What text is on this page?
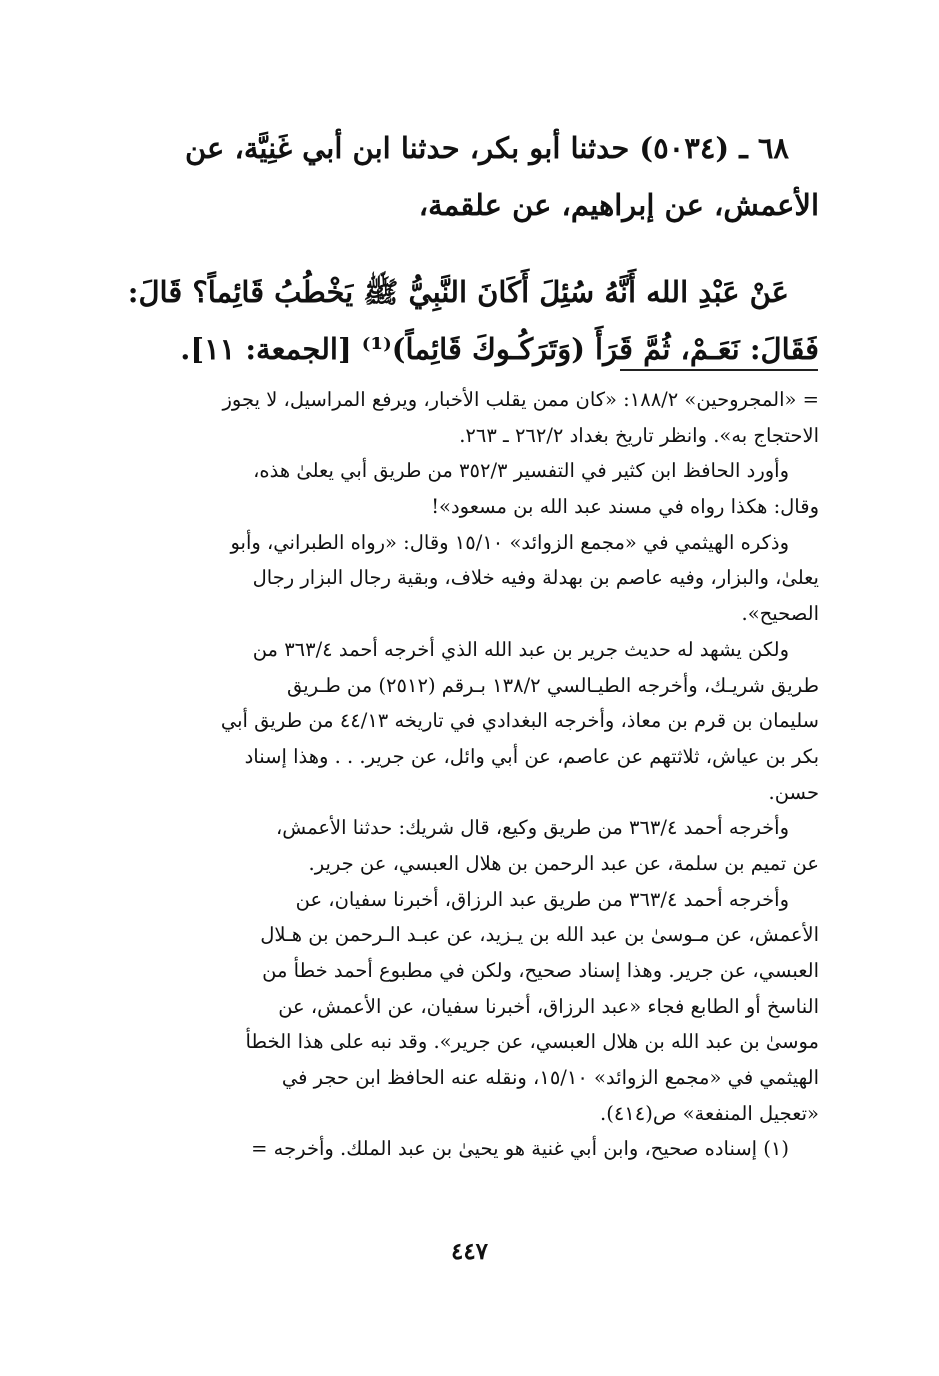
٦٨ ـ (٥٠٣٤) حدثنا أبو بكر، حدثنا ابن أبي غَنِيَّة، عن
الأعمش، عن إبراهيم، عن علقمة،
عَنْ عَبْدِ الله أَنَّهُ سُئِلَ أَكَانَ النَّبِيُّ ﷺ يَخْطُبُ قَائِماً؟ قَالَ:
فَقَالَ: نَعَـمْ، ثُمَّ قَرَأَ (وَتَرَكُـوكَ قَائِماً)⁽¹⁾ [الجمعة: ١١].
= «المجروحين» ١٨٨/٢: «كان ممن يقلب الأخبار، ويرفع المراسيل، لا يجوز
الاحتجاج به». وانظر تاريخ بغداد ٢٦٢/٢ ـ ٢٦٣.
وأورد الحافظ ابن كثير في التفسير ٣٥٢/٣ من طريق أبي يعلىٰ هذه،
وقال: هكذا رواه في مسند عبد الله بن مسعود»!
وذكره الهيثمي في «مجمع الزوائد» ١٥/١٠ وقال: «رواه الطبراني، وأبو
يعلىٰ، والبزار، وفيه عاصم بن بهدلة وفيه خلاف، وبقية رجال البزار رجال
الصحيح».
ولكن يشهد له حديث جرير بن عبد الله الذي أخرجه أحمد ٣٦٣/٤ من
طريق شريـك، وأخرجه الطيـالسي ١٣٨/٢ بـرقم (٢٥١٢) من طـريق
سليمان بن قرم بن معاذ، وأخرجه البغدادي في تاريخه ٤٤/١٣ من طريق أبي
بكر بن عياش، ثلاثتهم عن عاصم، عن أبي وائل، عن جرير. . . وهذا إسناد
حسن.
وأخرجه أحمد ٣٦٣/٤ من طريق وكيع، قال شريك: حدثنا الأعمش،
عن تميم بن سلمة، عن عبد الرحمن بن هلال العبسي، عن جرير.
وأخرجه أحمد ٣٦٣/٤ من طريق عبد الرزاق، أخبرنا سفيان، عن
الأعمش، عن مـوسىٰ بن عبد الله بن يـزيد، عن عبـد الـرحمن بن هـلال
العبسي، عن جرير. وهذا إسناد صحيح، ولكن في مطبوع أحمد خطأ من
الناسخ أو الطابع فجاء «عبد الرزاق، أخبرنا سفيان، عن الأعمش، عن
موسىٰ بن عبد الله بن هلال العبسي، عن جرير». وقد نبه على هذا الخطأ
الهيثمي في «مجمع الزوائد» ١٥/١٠، ونقله عنه الحافظ ابن حجر في
«تعجيل المنفعة» ص(٤١٤).
(١) إسناده صحيح، وابن أبي غنية هو يحيىٰ بن عبد الملك. وأخرجه =
٤٤٧
